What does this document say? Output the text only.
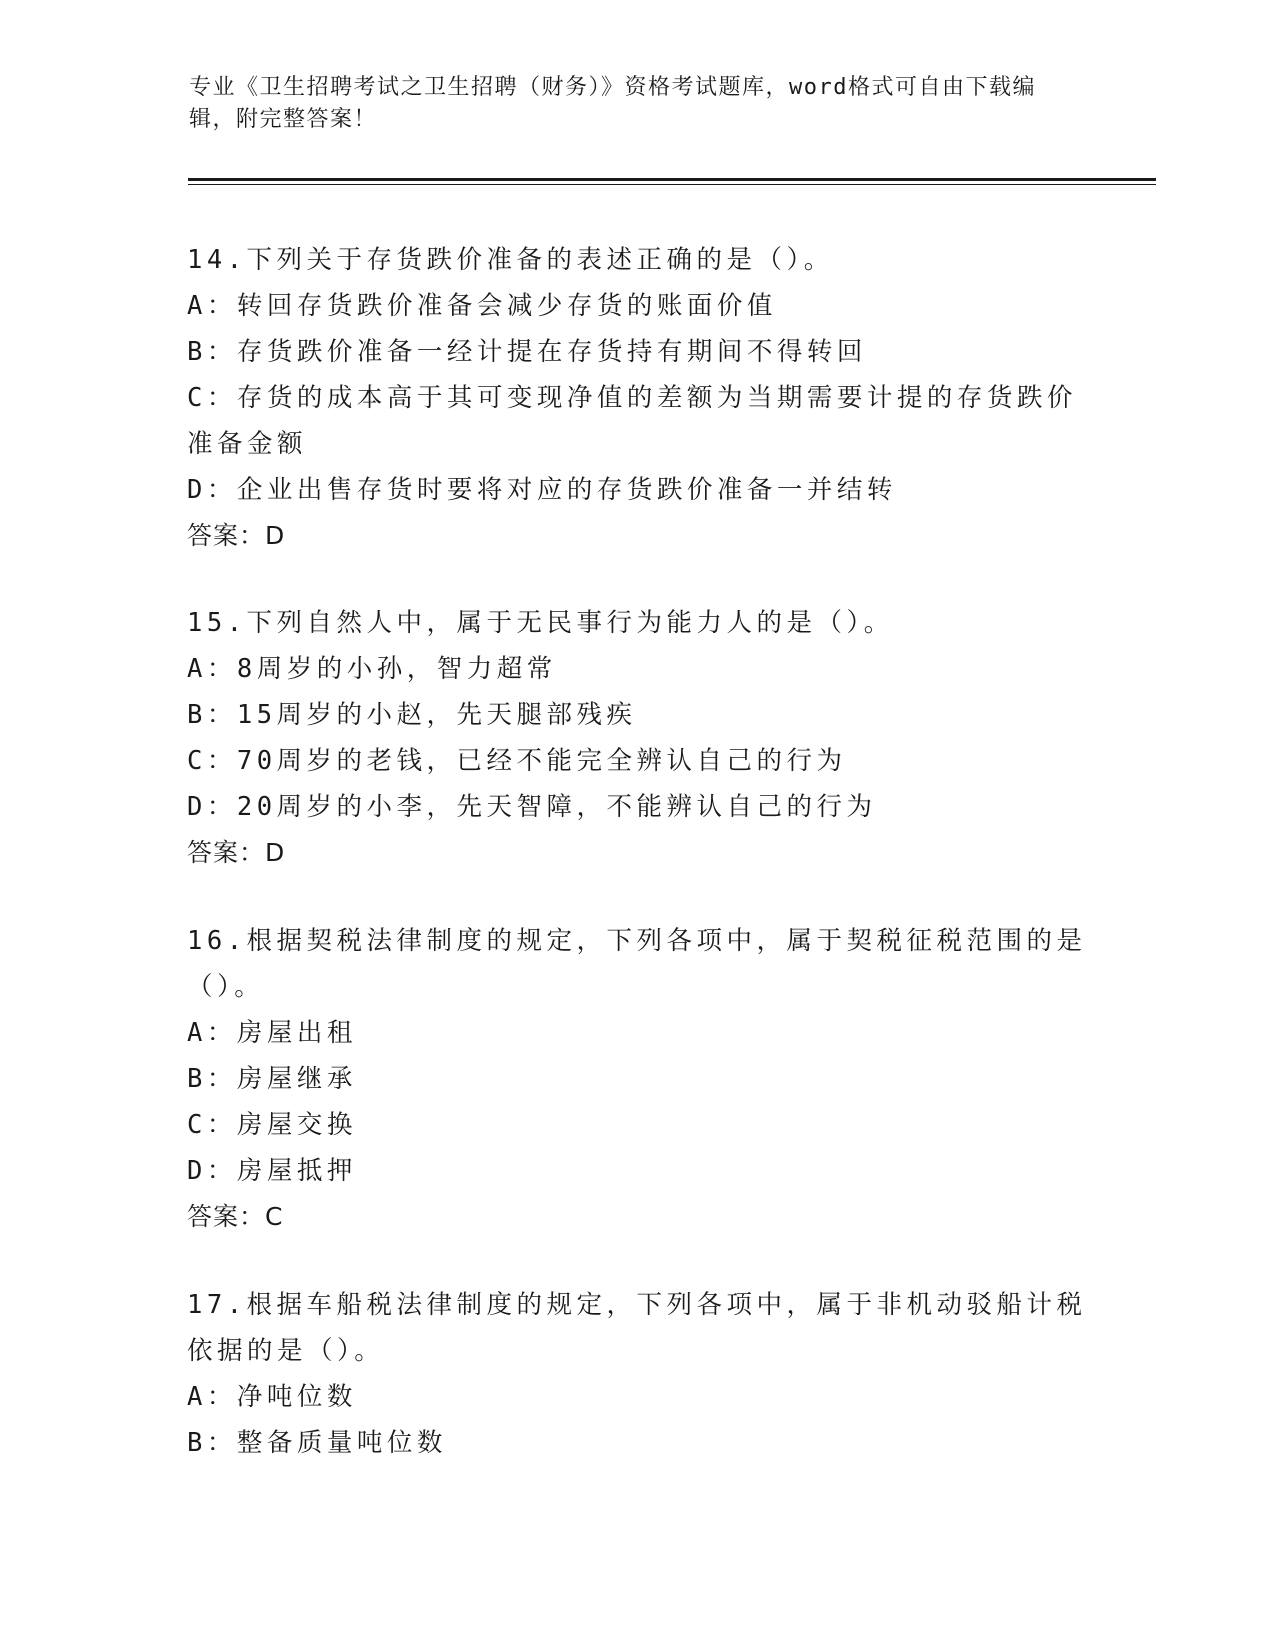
专业《卫生招聘考试之卫生招聘（财务）》资格考试题库，word格式可自由下载编辑，附完整答案！

14.下列关于存货跌价准备的表述正确的是（）。

A：转回存货跌价准备会减少存货的账面价值

B：存货跌价准备一经计提在存货持有期间不得转回

C：存货的成本高于其可变现净值的差额为当期需要计提的存货跌价准备金额

D：企业出售存货时要将对应的存货跌价准备一并结转

答案：D

15.下列自然人中，属于无民事行为能力人的是（）。

A：8周岁的小孙，智力超常

B：15周岁的小赵，先天腿部残疾

C：70周岁的老钱，已经不能完全辨认自己的行为

D：20周岁的小李，先天智障，不能辨认自己的行为

答案：D

16.根据契税法律制度的规定，下列各项中，属于契税征税范围的是（）。

A：房屋出租

B：房屋继承

C：房屋交换

D：房屋抵押

答案：C

17.根据车船税法律制度的规定，下列各项中，属于非机动驳船计税依据的是（）。

A：净吨位数

B：整备质量吨位数
